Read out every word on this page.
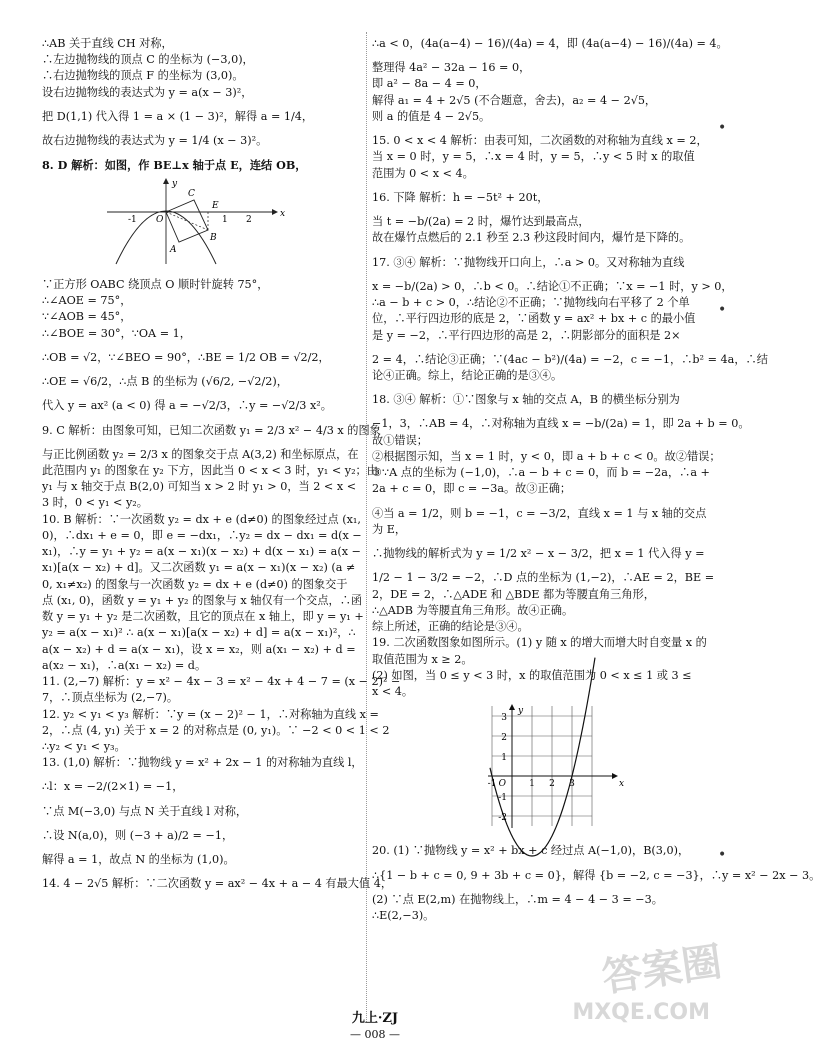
∴AB 关于直线 CH 对称，
∴左边抛物线的顶点 C 的坐标为 (−3,0)，
∴右边抛物线的顶点 F 的坐标为 (3,0)。
设右边抛物线的表达式为 y = a(x − 3)²，
把 D(1,1) 代入得 1 = a × (1 − 3)²，解得 a = 1/4，
故右边抛物线的表达式为 y = 1/4 (x − 3)²。
8. D 解析：如图，作 BE⊥x 轴于点 E，连结 OB，
-1 O	1 2
x
y
C
E
A
B
∵正方形 OABC 绕顶点 O 顺时针旋转 75°，
∴∠AOE = 75°，
∵∠AOB = 45°，
∴∠BOE = 30°，∵OA = 1，
∴OB = √2，∵∠BEO = 90°，∴BE = 1/2 OB = √2/2，
∴OE = √6/2，∴点 B 的坐标为 (√6/2, −√2/2)，
代入 y = ax² (a < 0) 得 a = −√2/3，∴y = −√2/3 x²。
9. C 解析：由图象可知，已知二次函数 y₁ = 2/3 x² − 4/3 x 的图象
与正比例函数 y₂ = 2/3 x 的图象交于点 A(3,2) 和坐标原点，在
此范围内 y₁ 的图象在 y₂ 下方，因此当 0 < x < 3 时，y₁ < y₂；由
y₁ 与 x 轴交于点 B(2,0) 可知当 x > 2 时 y₁ > 0，当 2 < x <
3 时，0 < y₁ < y₂。
10. B 解析：∵一次函数 y₂ = dx + e (d≠0) 的图象经过点 (x₁,
0)，∴dx₁ + e = 0，即 e = −dx₁，∴y₂ = dx − dx₁ = d(x −
x₁)，∴y = y₁ + y₂ = a(x − x₁)(x − x₂) + d(x − x₁) = a(x −
x₁)[a(x − x₂) + d]。又二次函数 y₁ = a(x − x₁)(x − x₂) (a ≠
0, x₁≠x₂) 的图象与一次函数 y₂ = dx + e (d≠0) 的图象交于
点 (x₁, 0)，函数 y = y₁ + y₂ 的图象与 x 轴仅有一个交点，∴函
数 y = y₁ + y₂ 是二次函数，且它的顶点在 x 轴上，即 y = y₁ +
y₂ = a(x − x₁)² ∴ a(x − x₁)[a(x − x₂) + d] = a(x − x₁)²，∴
a(x − x₂) + d = a(x − x₁)，设 x = x₂，则 a(x₁ − x₂) + d =
a(x₂ − x₁)，∴a(x₁ − x₂) = d。
11. (2,−7) 解析：y = x² − 4x − 3 = x² − 4x + 4 − 7 = (x − 2)² −
7，∴顶点坐标为 (2,−7)。
12. y₂ < y₁ < y₃ 解析：∵y = (x − 2)² − 1，∴对称轴为直线 x =
2，∴点 (4, y₁) 关于 x = 2 的对称点是 (0, y₁)。∵ −2 < 0 < 1 < 2
∴y₂ < y₁ < y₃。
13. (1,0) 解析：∵抛物线 y = x² + 2x − 1 的对称轴为直线 l，
∴l：x = −2/(2×1) = −1，
∵点 M(−3,0) 与点 N 关于直线 l 对称，
∴设 N(a,0)，则 (−3 + a)/2 = −1，
解得 a = 1，故点 N 的坐标为 (1,0)。
14. 4 − 2√5 解析：∵二次函数 y = ax² − 4x + a − 4 有最大值 4，
∴a < 0，(4a(a−4) − 16)/(4a) = 4，即 (4a(a−4) − 16)/(4a) = 4。
整理得 4a² − 32a − 16 = 0，
即 a² − 8a − 4 = 0，
解得 a₁ = 4 + 2√5 (不合题意，舍去)，a₂ = 4 − 2√5，
则 a 的值是 4 − 2√5。
15. 0 < x < 4 解析：由表可知，二次函数的对称轴为直线 x = 2，
当 x = 0 时，y = 5，∴x = 4 时，y = 5，∴y < 5 时 x 的取值
范围为 0 < x < 4。
16. 下降 解析：h = −5t² + 20t，
当 t = −b/(2a) = 2 时，爆竹达到最高点，
故在爆竹点燃后的 2.1 秒至 2.3 秒这段时间内，爆竹是下降的。
17. ③④ 解析：∵抛物线开口向上，∴a > 0。又对称轴为直线
x = −b/(2a) > 0，∴b < 0。∴结论①不正确；∵x = −1 时，y > 0，
∴a − b + c > 0，∴结论②不正确；∵抛物线向右平移了 2 个单
位，∴平行四边形的底是 2，∵函数 y = ax² + bx + c 的最小值
是 y = −2，∴平行四边形的高是 2，∴阴影部分的面积是 2×
2 = 4，∴结论③正确；∵(4ac − b²)/(4a) = −2，c = −1，∴b² = 4a，∴结
论④正确。综上，结论正确的是③④。
18. ③④ 解析：①∵图象与 x 轴的交点 A，B 的横坐标分别为
−1，3，∴AB = 4，∴对称轴为直线 x = −b/(2a) = 1，即 2a + b = 0。
故①错误；
②根据图示知，当 x = 1 时，y < 0，即 a + b + c < 0。故②错误；
③∵A 点的坐标为 (−1,0)，∴a − b + c = 0，而 b = −2a，∴a +
2a + c = 0，即 c = −3a。故③正确；
④当 a = 1/2，则 b = −1，c = −3/2，直线 x = 1 与 x 轴的交点
为 E，
∴抛物线的解析式为 y = 1/2 x² − x − 3/2，把 x = 1 代入得 y =
1/2 − 1 − 3/2 = −2，∴D 点的坐标为 (1,−2)，∴AE = 2，BE =
2，DE = 2，∴△ADE 和 △BDE 都为等腰直角三角形，
∴△ADB 为等腰直角三角形。故④正确。
综上所述，正确的结论是③④。
19. 二次函数图象如图所示。(1) y 随 x 的增大而增大时自变量 x 的
取值范围为 x ≥ 2。
(2) 如图，当 0 ≤ y < 3 时，x 的取值范围为 0 < x ≤ 1 或 3 ≤
x < 4。
O	x
y
-1	1 2 3
3
2
1
-1
-2
20. (1) ∵抛物线 y = x² + bx + c 经过点 A(−1,0)，B(3,0)，
∴{1 − b + c = 0, 9 + 3b + c = 0}，解得 {b = −2, c = −3}，∴y = x² − 2x − 3。
(2) ∵点 E(2,m) 在抛物线上，∴m = 4 − 4 − 3 = −3。
∴E(2,−3)。
•
•
•
答案圈
MXQE.COM
九上·ZJ
— 008 —
